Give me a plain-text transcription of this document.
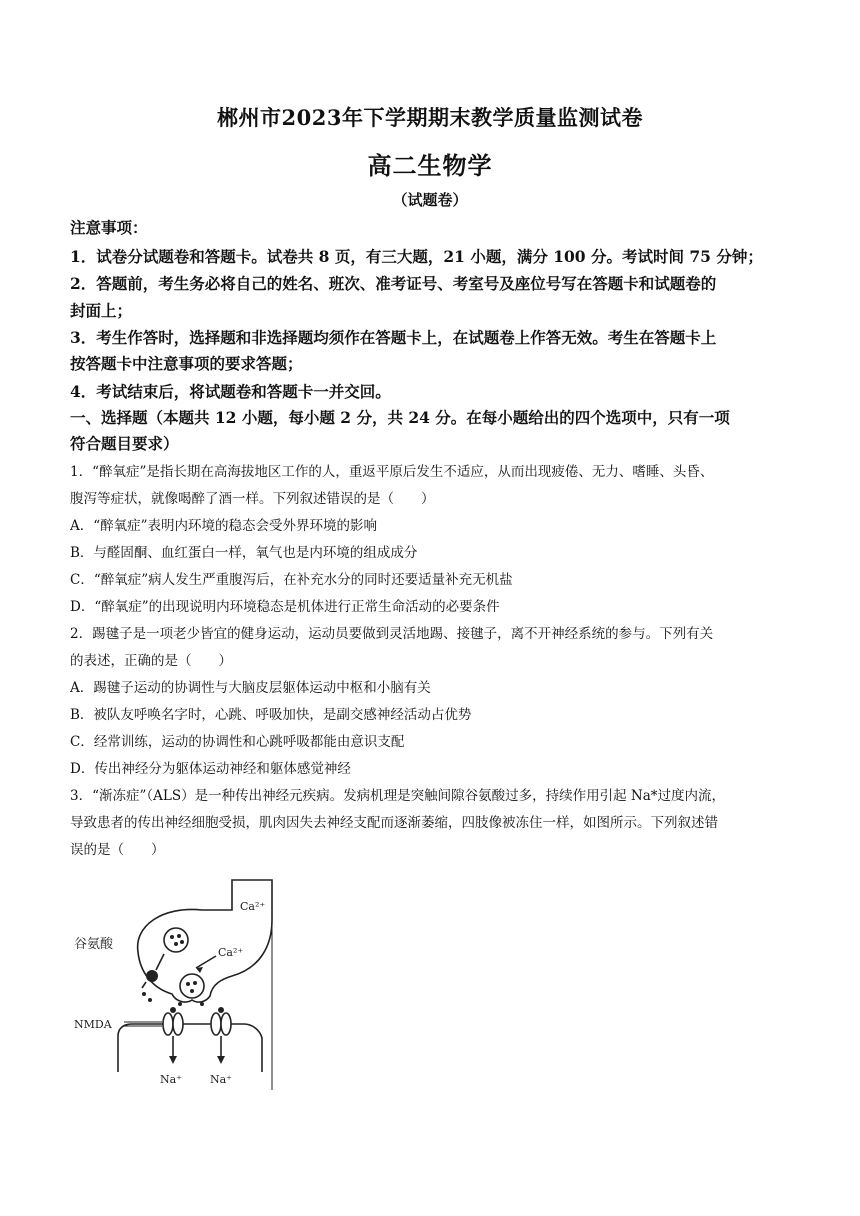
郴州市2023年下学期期末教学质量监测试卷
高二生物学
（试题卷）
注意事项：
1．试卷分试题卷和答题卡。试卷共 8 页，有三大题，21 小题，满分 100 分。考试时间 75 分钟；
2．答题前，考生务必将自己的姓名、班次、准考证号、考室号及座位号写在答题卡和试题卷的
封面上；
3．考生作答时，选择题和非选择题均须作在答题卡上，在试题卷上作答无效。考生在答题卡上
按答题卡中注意事项的要求答题；
4．考试结束后，将试题卷和答题卡一并交回。
一、选择题（本题共 12 小题，每小题 2 分，共 24 分。在每小题给出的四个选项中，只有一项
符合题目要求）
1．“醉氧症”是指长期在高海拔地区工作的人，重返平原后发生不适应，从而出现疲倦、无力、嗜睡、头昏、
腹泻等症状，就像喝醉了酒一样。下列叙述错误的是（　　）
A．“醉氧症”表明内环境的稳态会受外界环境的影响
B．与醛固酮、血红蛋白一样，氧气也是内环境的组成成分
C．“醉氧症”病人发生严重腹泻后，在补充水分的同时还要适量补充无机盐
D．“醉氧症”的出现说明内环境稳态是机体进行正常生命活动的必要条件
2．踢毽子是一项老少皆宜的健身运动，运动员要做到灵活地踢、接毽子，离不开神经系统的参与。下列有关
的表述，正确的是（　　）
A．踢毽子运动的协调性与大脑皮层躯体运动中枢和小脑有关
B．被队友呼唤名字时，心跳、呼吸加快，是副交感神经活动占优势
C．经常训练，运动的协调性和心跳呼吸都能由意识支配
D．传出神经分为躯体运动神经和躯体感觉神经
3．“渐冻症”（ALS）是一种传出神经元疾病。发病机理是突触间隙谷氨酸过多，持续作用引起 Na*过度内流，
导致患者的传出神经细胞受损，肌肉因失去神经支配而逐渐萎缩，四肢像被冻住一样，如图所示。下列叙述错
误的是（　　）
Ca²⁺
Ca²⁺
谷氨酸
NMDA
Na⁺	Na⁺
